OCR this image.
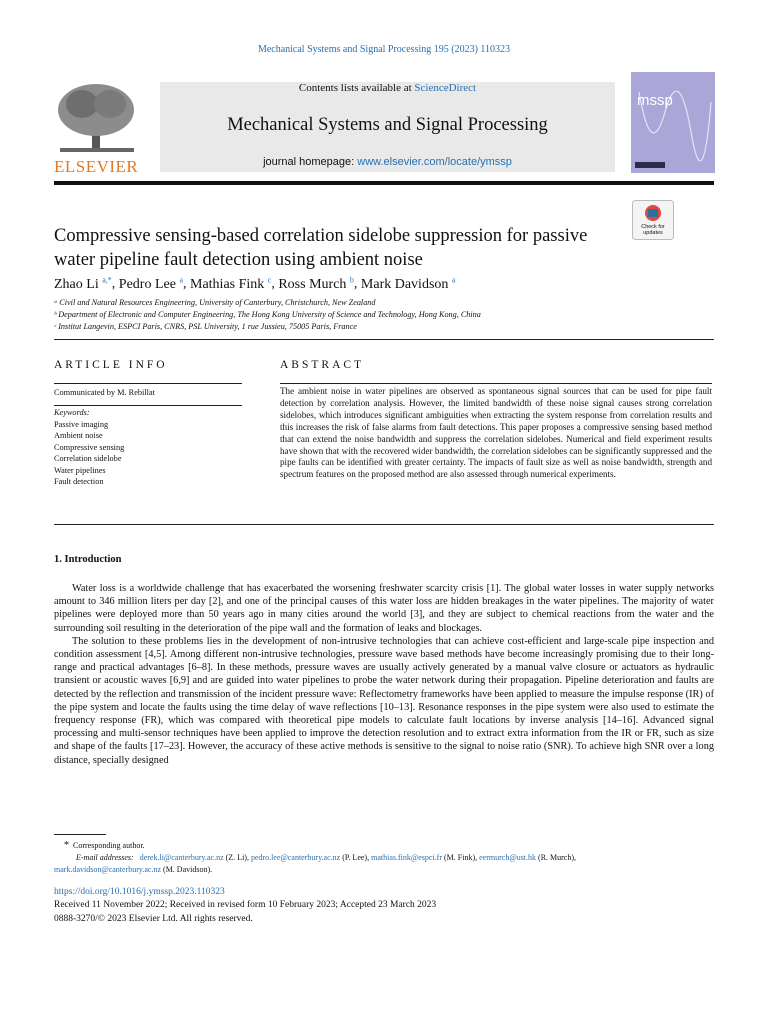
Mechanical Systems and Signal Processing 195 (2023) 110323
ELSEVIER
Contents lists available at ScienceDirect
Mechanical Systems and Signal Processing
journal homepage: www.elsevier.com/locate/ymssp
mssp
Compressive sensing-based correlation sidelobe suppression for passive water pipeline fault detection using ambient noise
Check for updates
Zhao Li $^{a,*}$, Pedro Lee $^a$, Mathias Fink $^c$, Ross Murch $^b$, Mark Davidson $^a$
ᵃ Civil and Natural Resources Engineering, University of Canterbury, Christchurch, New Zealand
ᵇ Department of Electronic and Computer Engineering, The Hong Kong University of Science and Technology, Hong Kong, China
ᶜ Institut Langevin, ESPCI Paris, CNRS, PSL University, 1 rue Jussieu, 75005 Paris, France
ARTICLE INFO	ABSTRACT
Communicated by M. Rebillat
Keywords:
Passive imaging
Ambient noise
Compressive sensing
Correlation sidelobe
Water pipelines
Fault detection
The ambient noise in water pipelines are observed as spontaneous signal sources that can be used for pipe fault detection by correlation analysis. However, the limited bandwidth of these noise signal causes strong correlation sidelobes, which introduces significant ambiguities when extracting the system response from correlation results and this increases the risk of false alarms from fault detections. This paper proposes a compressive sensing based method that can extend the noise bandwidth and suppress the correlation sidelobes. Numerical and field experiment results have shown that with the recovered wider bandwidth, the correlation sidelobes can be significantly suppressed and the pipe faults can be identified with greater certainty. The impacts of fault size as well as noise bandwidth, strength and spectrum features on the proposed method are also assessed through numerical experiments.
1. Introduction

Water loss is a worldwide challenge that has exacerbated the worsening freshwater scarcity crisis [1]. The global water losses in water supply networks amount to 346 million liters per day [2], and one of the principal causes of this water loss are hidden breakages in the water pipelines. The majority of water pipelines were deployed more than 50 years ago in many cities around the world [3], and they are subject to chemical reactions from the water and the surrounding soil resulting in the deterioration of the pipe wall and the formation of leaks and blockages.

The solution to these problems lies in the development of non-intrusive technologies that can achieve cost-efficient and large-scale pipe inspection and condition assessment [4,5]. Among different non-intrusive technologies, pressure wave based methods have become increasingly promising due to their long-range and practical advantages [6–8]. In these methods, pressure waves are usually actively generated by a manual valve closure or actuators as hydraulic transient or acoustic waves [6,9] and are guided into water pipelines to probe the water network during their propagation. Pipeline deterioration and faults are detected by the reflection and transmission of the incident pressure wave: Reflectometry frameworks have been applied to measure the impulse response (IR) of the pipe system and locate the faults using the time delay of wave reflections [10–13]. Resonance responses in the pipe system were also used to estimate the frequency response (FR), which was compared with theoretical pipe models to calculate fault locations by inverse analysis [14–16]. Advanced signal processing and multi-sensor techniques have been applied to improve the detection resolution and to extract extra information from the IR or FR, such as size and shape of the faults [17–23]. However, the accuracy of these active methods is sensitive to the signal to noise ratio (SNR). To achieve high SNR over a long distance, specially designed

* Corresponding author.
E-mail addresses: derek.li@canterbury.ac.nz (Z. Li), pedro.lee@canterbury.ac.nz (P. Lee), mathias.fink@espci.fr (M. Fink), eermurch@ust.hk (R. Murch),
mark.davidson@canterbury.ac.nz (M. Davidson).
https://doi.org/10.1016/j.ymssp.2023.110323
Received 11 November 2022; Received in revised form 10 February 2023; Accepted 23 March 2023
0888-3270/© 2023 Elsevier Ltd. All rights reserved.
